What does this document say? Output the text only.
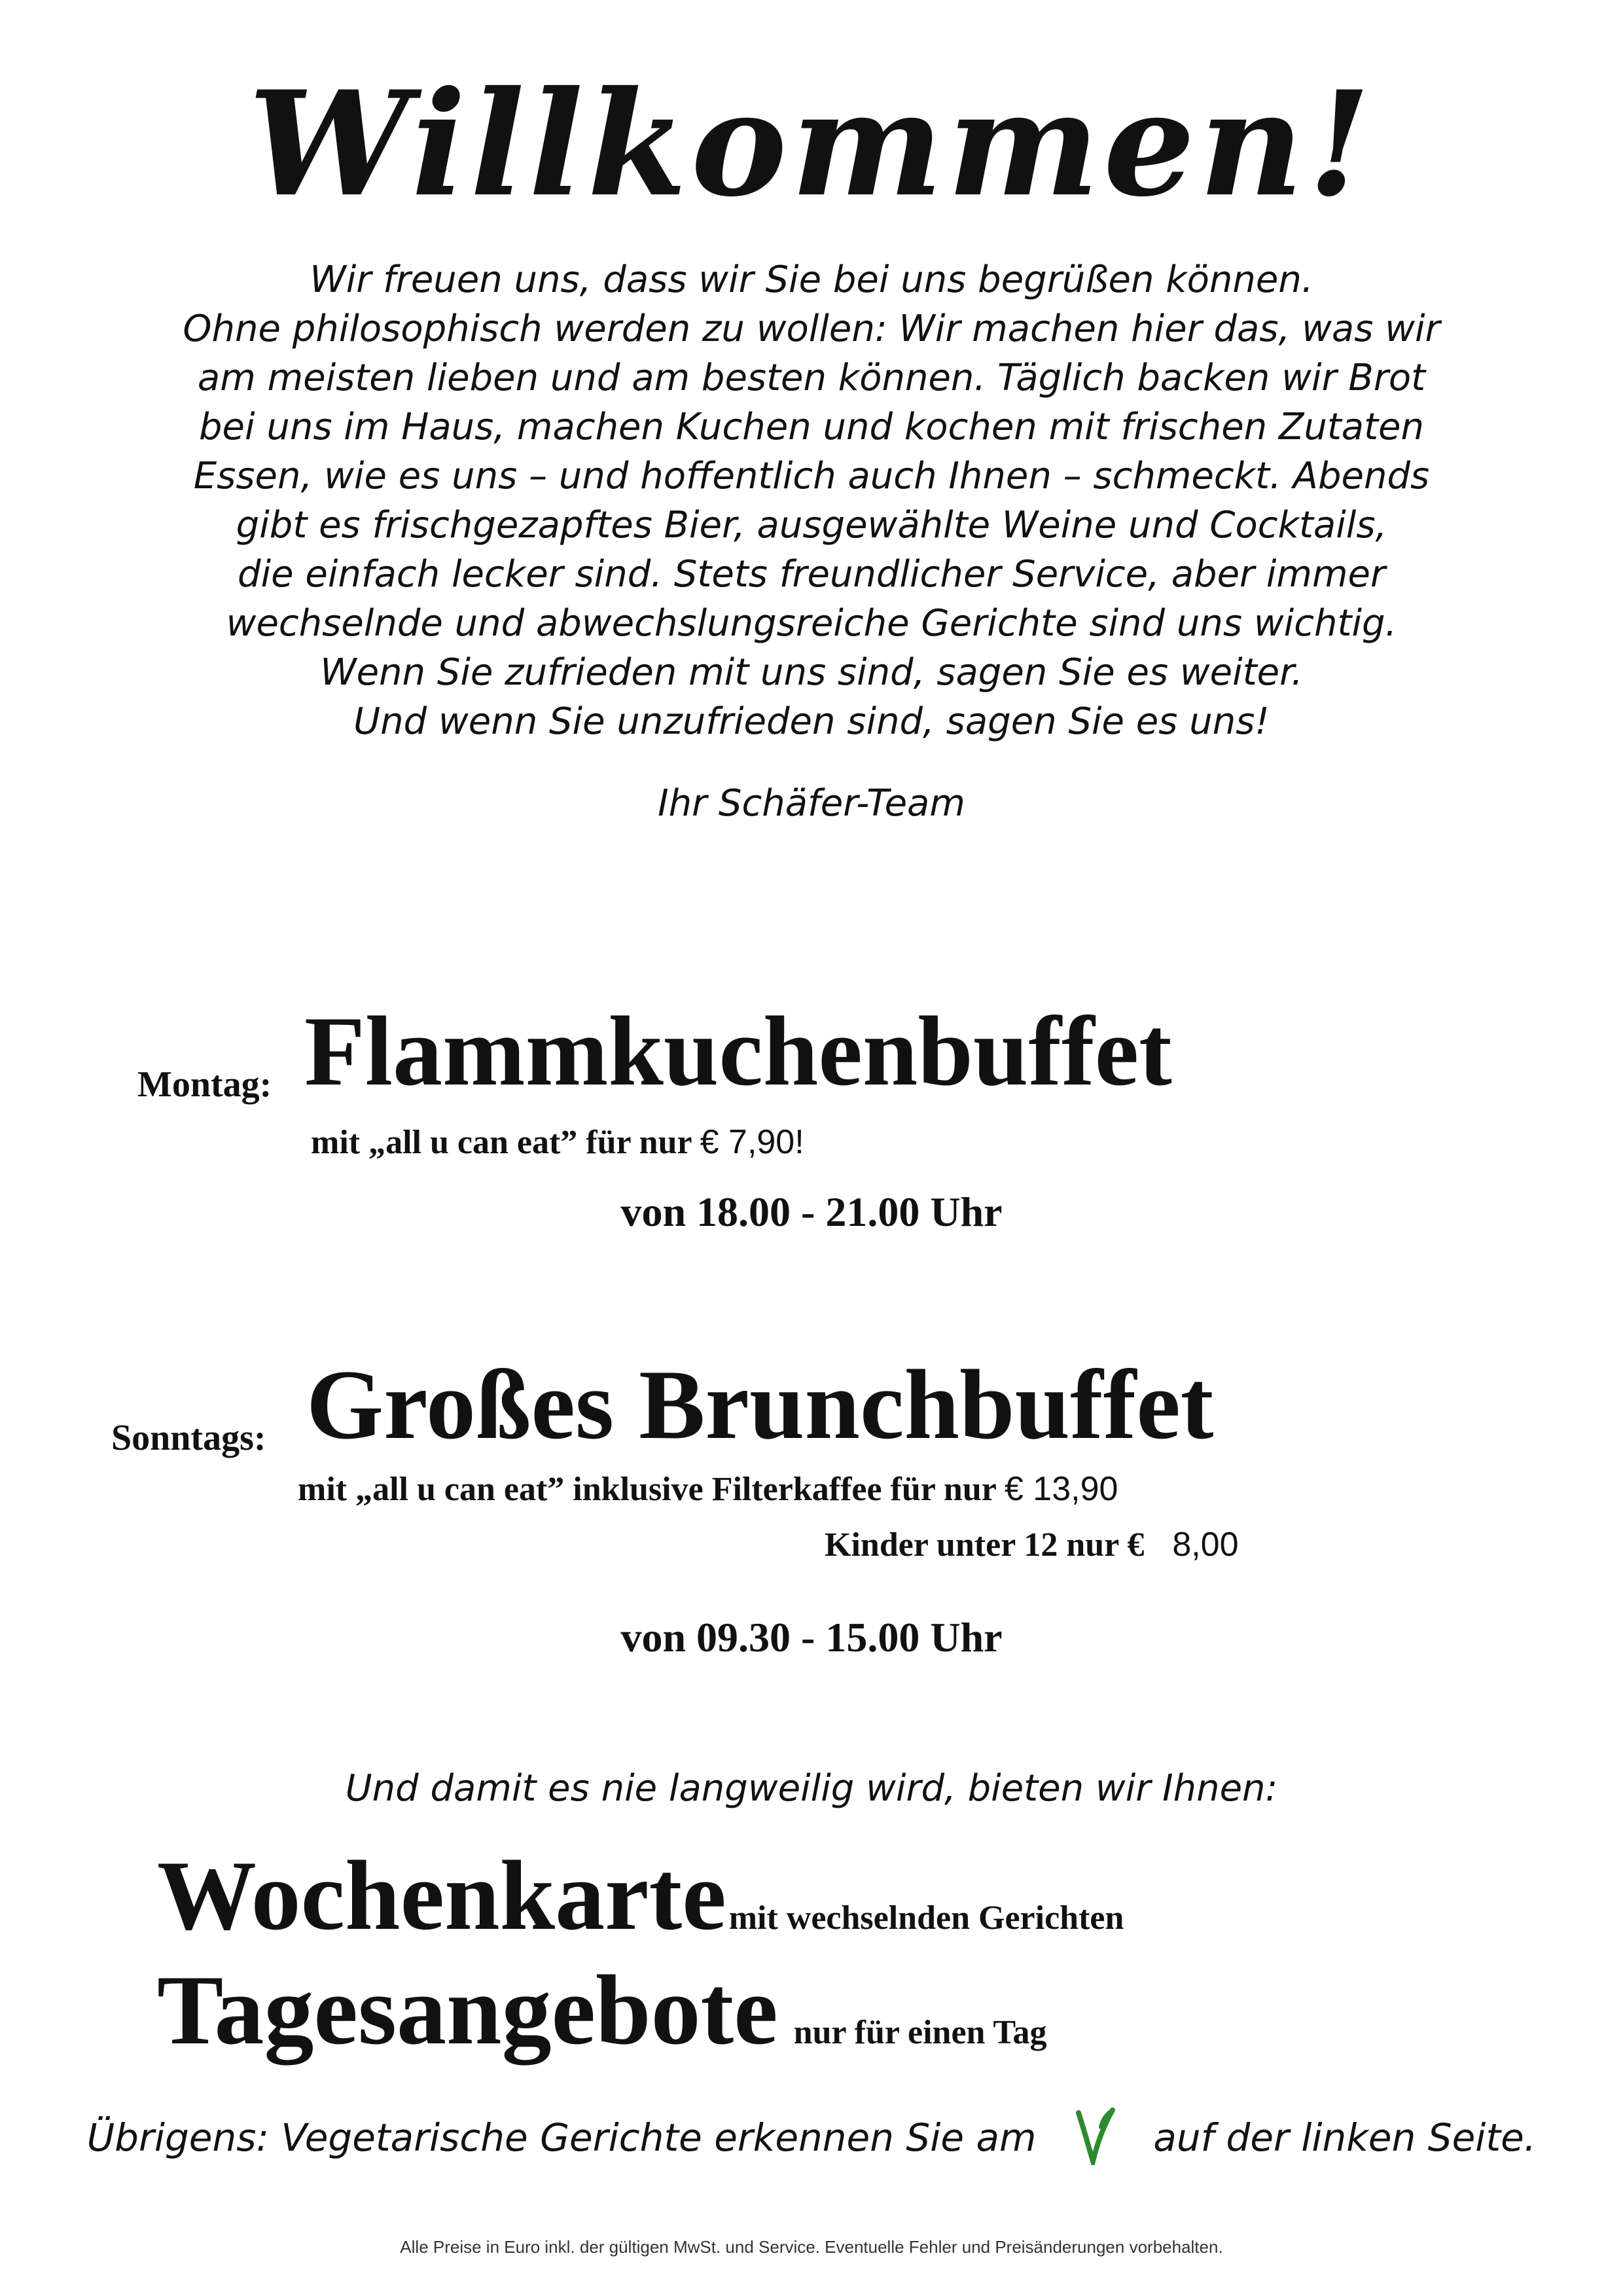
Willkommen!
Wir freuen uns, dass wir Sie bei uns begrüßen können.
Ohne philosophisch werden zu wollen: Wir machen hier das, was wir
am meisten lieben und am besten können. Täglich backen wir Brot
bei uns im Haus, machen Kuchen und kochen mit frischen Zutaten
Essen, wie es uns – und hoffentlich auch Ihnen – schmeckt. Abends
gibt es frischgezapftes Bier, ausgewählte Weine und Cocktails,
die einfach lecker sind. Stets freundlicher Service, aber immer
wechselnde und abwechslungsreiche Gerichte sind uns wichtig.
Wenn Sie zufrieden mit uns sind, sagen Sie es weiter.
Und wenn Sie unzufrieden sind, sagen Sie es uns!
Ihr Schäfer-Team
Montag: Flammkuchenbuffet
mit „all u can eat” für nur € 7,90!
von 18.00 - 21.00 Uhr
Sonntags: Großes Brunchbuffet
mit „all u can eat” inklusive Filterkaffee für nur € 13,90
Kinder unter 12 nur € 8,00
von 09.30 - 15.00 Uhr
Und damit es nie langweilig wird, bieten wir Ihnen:
Wochenkarte mit wechselnden Gerichten
Tagesangebote nur für einen Tag
Übrigens: Vegetarische Gerichte erkennen Sie am	auf der linken Seite.
Alle Preise in Euro inkl. der gültigen MwSt. und Service. Eventuelle Fehler und Preisänderungen vorbehalten.
